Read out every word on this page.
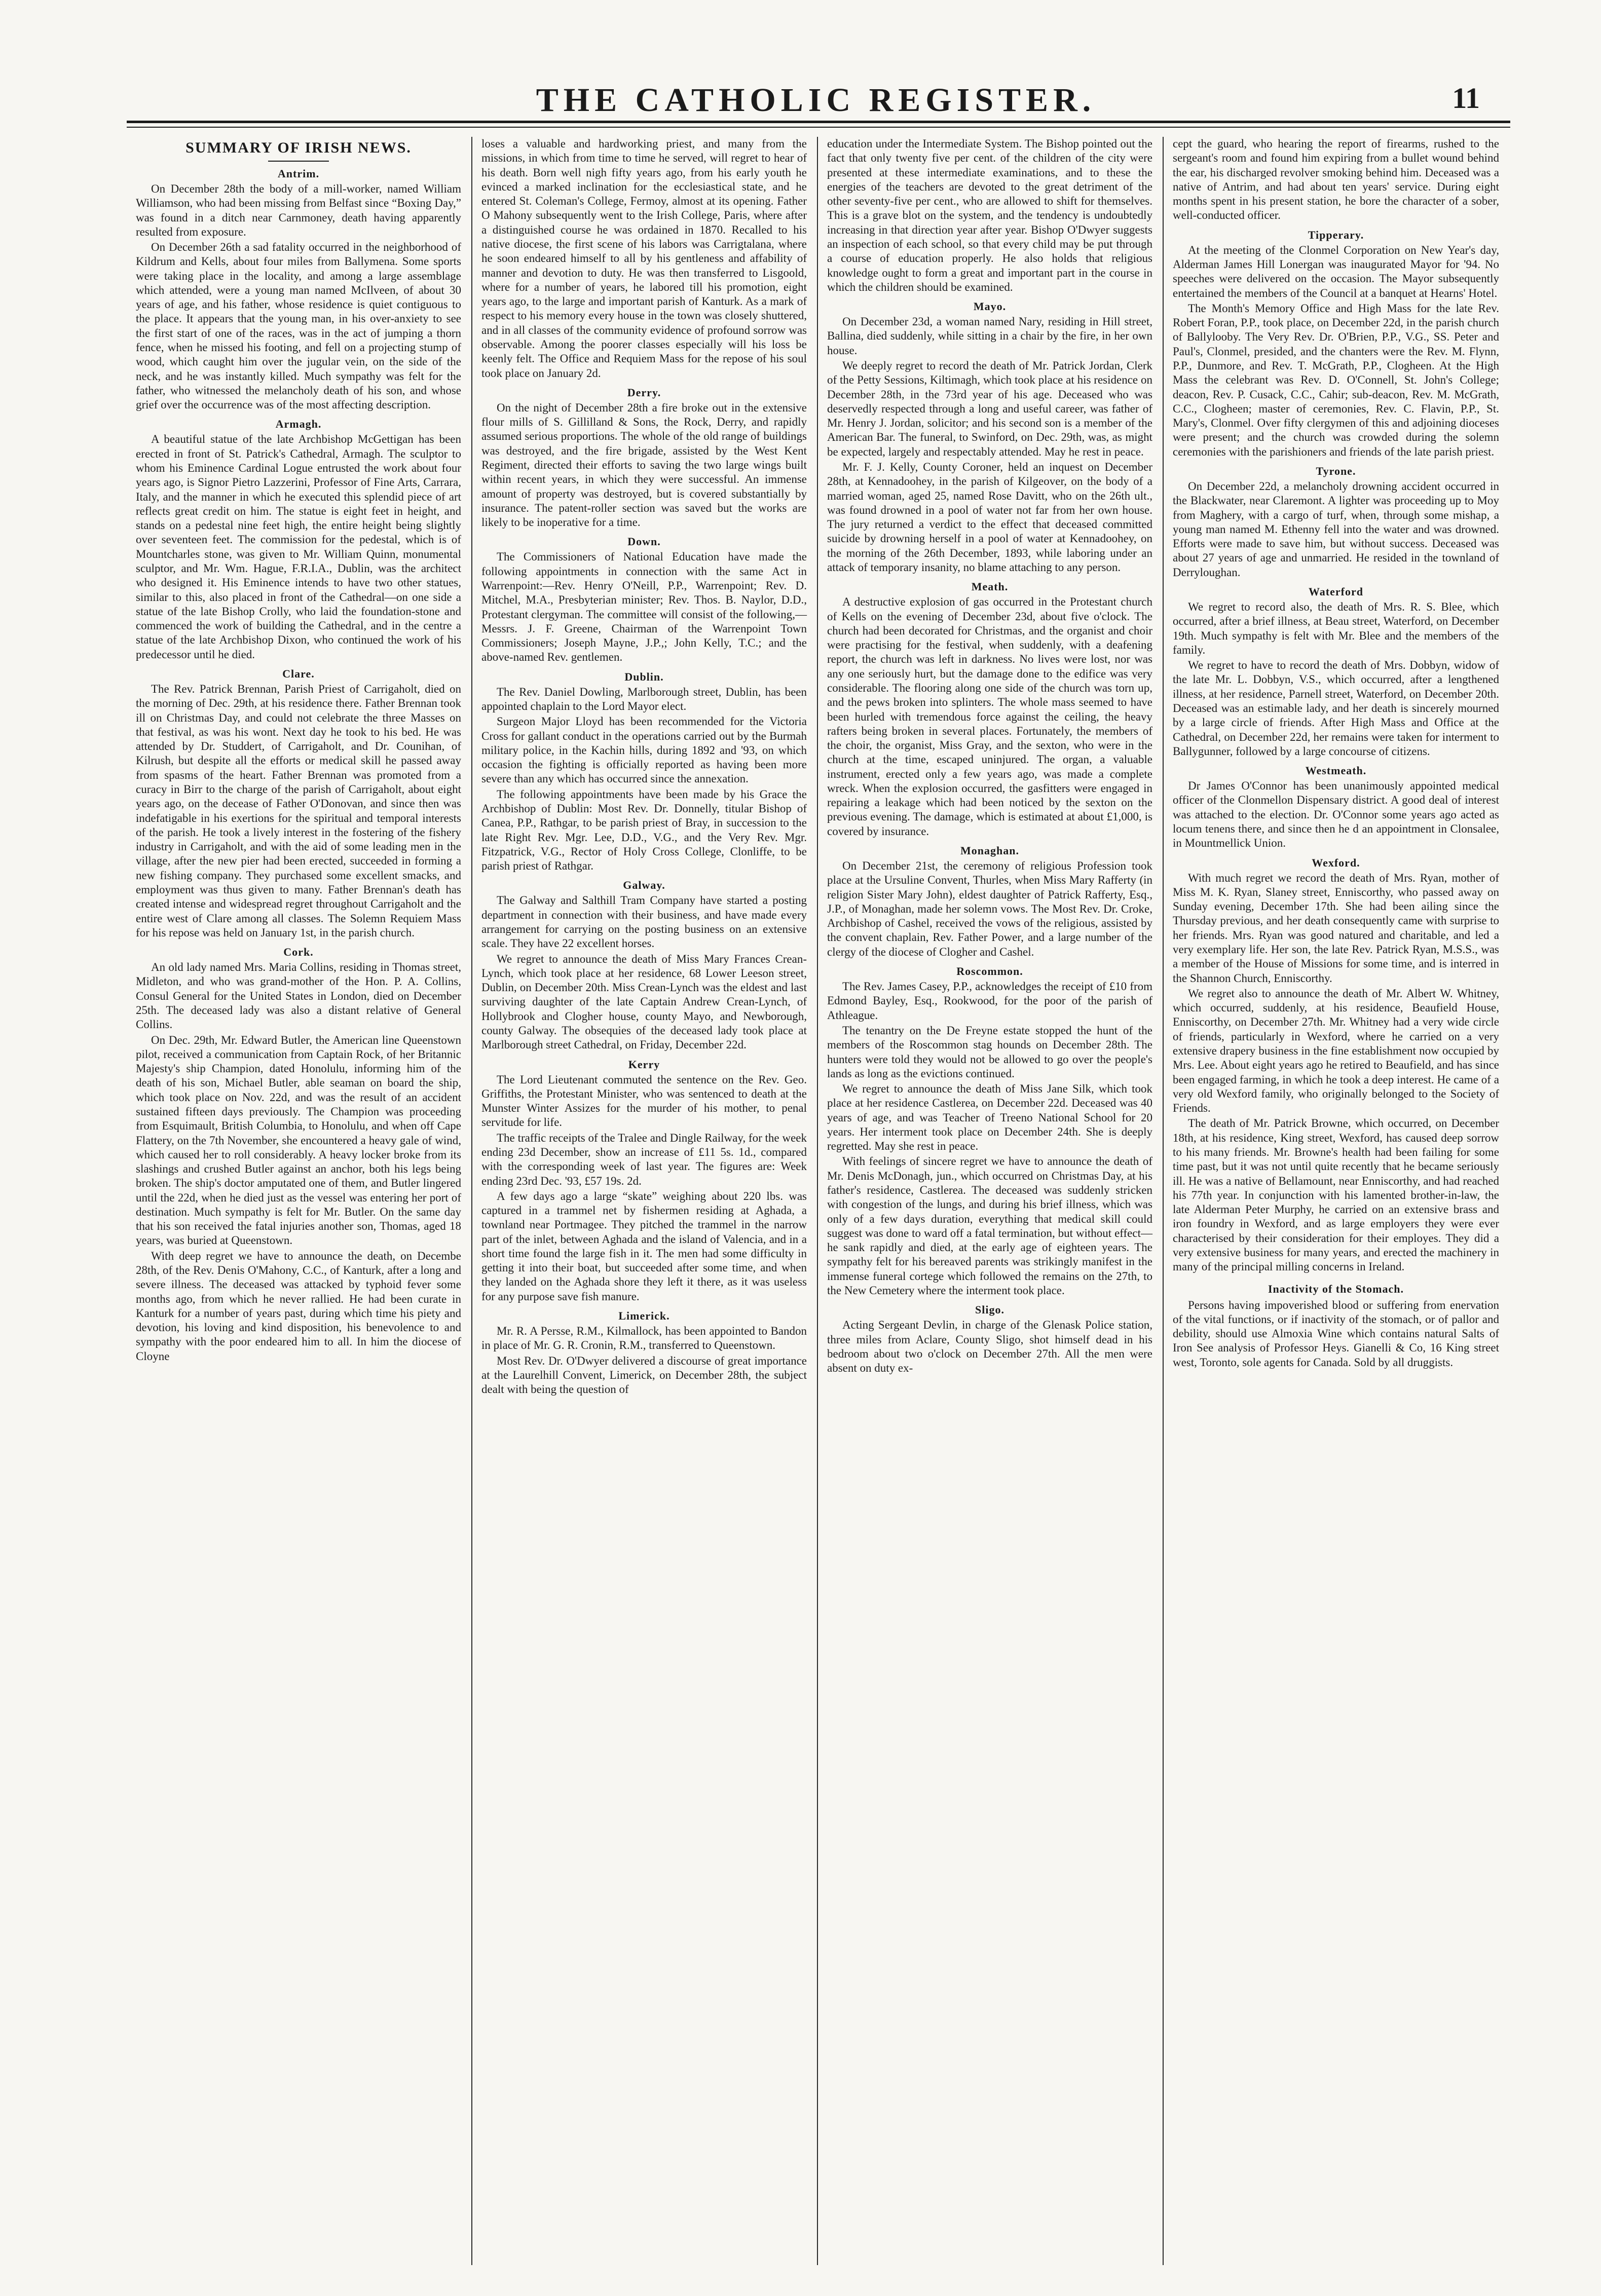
THE CATHOLIC REGISTER.	11
SUMMARY OF IRISH NEWS.
Antrim.

On December 28th the body of a mill-worker, named William Williamson, who had been missing from Belfast since “Boxing Day,” was found in a ditch near Carnmoney, death having apparently resulted from exposure.

On December 26th a sad fatality occurred in the neighborhood of Kildrum and Kells, about four miles from Ballymena. Some sports were taking place in the locality, and among a large assemblage which attended, were a young man named McIlveen, of about 30 years of age, and his father, whose residence is quiet contiguous to the place. It appears that the young man, in his over-anxiety to see the first start of one of the races, was in the act of jumping a thorn fence, when he missed his footing, and fell on a projecting stump of wood, which caught him over the jugular vein, on the side of the neck, and he was instantly killed. Much sympathy was felt for the father, who witnessed the melancholy death of his son, and whose grief over the occurrence was of the most affecting description.

Armagh.

A beautiful statue of the late Archbishop McGettigan has been erected in front of St. Patrick's Cathedral, Armagh. The sculptor to whom his Eminence Cardinal Logue entrusted the work about four years ago, is Signor Pietro Lazzerini, Professor of Fine Arts, Carrara, Italy, and the manner in which he executed this splendid piece of art reflects great credit on him. The statue is eight feet in height, and stands on a pedestal nine feet high, the entire height being slightly over seventeen feet. The commission for the pedestal, which is of Mountcharles stone, was given to Mr. William Quinn, monumental sculptor, and Mr. Wm. Hague, F.R.I.A., Dublin, was the architect who designed it. His Eminence intends to have two other statues, similar to this, also placed in front of the Cathedral—on one side a statue of the late Bishop Crolly, who laid the foundation-stone and commenced the work of building the Cathedral, and in the centre a statue of the late Archbishop Dixon, who continued the work of his predecessor until he died.

Clare.

The Rev. Patrick Brennan, Parish Priest of Carrigaholt, died on the morning of Dec. 29th, at his residence there. Father Brennan took ill on Christmas Day, and could not celebrate the three Masses on that festival, as was his wont. Next day he took to his bed. He was attended by Dr. Studdert, of Carrigaholt, and Dr. Counihan, of Kilrush, but despite all the efforts or medical skill he passed away from spasms of the heart. Father Brennan was promoted from a curacy in Birr to the charge of the parish of Carrigaholt, about eight years ago, on the decease of Father O'Donovan, and since then was indefatigable in his exertions for the spiritual and temporal interests of the parish. He took a lively interest in the fostering of the fishery industry in Carrigaholt, and with the aid of some leading men in the village, after the new pier had been erected, succeeded in forming a new fishing company. They purchased some excellent smacks, and employment was thus given to many. Father Brennan's death has created intense and widespread regret throughout Carrigaholt and the entire west of Clare among all classes. The Solemn Requiem Mass for his repose was held on January 1st, in the parish church.

Cork.

An old lady named Mrs. Maria Collins, residing in Thomas street, Midleton, and who was grand-mother of the Hon. P. A. Collins, Consul General for the United States in London, died on December 25th. The deceased lady was also a distant relative of General Collins.

On Dec. 29th, Mr. Edward Butler, the American line Queenstown pilot, received a communication from Captain Rock, of her Britannic Majesty's ship Champion, dated Honolulu, informing him of the death of his son, Michael Butler, able seaman on board the ship, which took place on Nov. 22d, and was the result of an accident sustained fifteen days previously. The Champion was proceeding from Esquimault, British Columbia, to Honolulu, and when off Cape Flattery, on the 7th November, she encountered a heavy gale of wind, which caused her to roll considerably. A heavy locker broke from its slashings and crushed Butler against an anchor, both his legs being broken. The ship's doctor amputated one of them, and Butler lingered until the 22d, when he died just as the vessel was entering her port of destination. Much sympathy is felt for Mr. Butler. On the same day that his son received the fatal injuries another son, Thomas, aged 18 years, was buried at Queenstown.

With deep regret we have to announce the death, on Decembe 28th, of the Rev. Denis O'Mahony, C.C., of Kanturk, after a long and severe illness. The deceased was attacked by typhoid fever some months ago, from which he never rallied. He had been curate in Kanturk for a number of years past, during which time his piety and devotion, his loving and kind disposition, his benevolence to and sympathy with the poor endeared him to all. In him the diocese of Cloyne

loses a valuable and hardworking priest, and many from the missions, in which from time to time he served, will regret to hear of his death. Born well nigh fifty years ago, from his early youth he evinced a marked inclination for the ecclesiastical state, and he entered St. Coleman's College, Fermoy, almost at its opening. Father O Mahony subsequently went to the Irish College, Paris, where after a distinguished course he was ordained in 1870. Recalled to his native diocese, the first scene of his labors was Carrigtalana, where he soon endeared himself to all by his gentleness and affability of manner and devotion to duty. He was then transferred to Lisgoold, where for a number of years, he labored till his promotion, eight years ago, to the large and important parish of Kanturk. As a mark of respect to his memory every house in the town was closely shuttered, and in all classes of the community evidence of profound sorrow was observable. Among the poorer classes especially will his loss be keenly felt. The Office and Requiem Mass for the repose of his soul took place on January 2d.

Derry.

On the night of December 28th a fire broke out in the extensive flour mills of S. Gillilland & Sons, the Rock, Derry, and rapidly assumed serious proportions. The whole of the old range of buildings was destroyed, and the fire brigade, assisted by the West Kent Regiment, directed their efforts to saving the two large wings built within recent years, in which they were successful. An immense amount of property was destroyed, but is covered substantially by insurance. The patent-roller section was saved but the works are likely to be inoperative for a time.

Down.

The Commissioners of National Education have made the following appointments in connection with the same Act in Warrenpoint:—Rev. Henry O'Neill, P.P., Warrenpoint; Rev. D. Mitchel, M.A., Presbyterian minister; Rev. Thos. B. Naylor, D.D., Protestant clergyman. The committee will consist of the following,—Messrs. J. F. Greene, Chairman of the Warrenpoint Town Commissioners; Joseph Mayne, J.P.,; John Kelly, T.C.; and the above-named Rev. gentlemen.

Dublin.

The Rev. Daniel Dowling, Marlborough street, Dublin, has been appointed chaplain to the Lord Mayor elect.

Surgeon Major Lloyd has been recommended for the Victoria Cross for gallant conduct in the operations carried out by the Burmah military police, in the Kachin hills, during 1892 and '93, on which occasion the fighting is officially reported as having been more severe than any which has occurred since the annexation.

The following appointments have been made by his Grace the Archbishop of Dublin: Most Rev. Dr. Donnelly, titular Bishop of Canea, P.P., Rathgar, to be parish priest of Bray, in succession to the late Right Rev. Mgr. Lee, D.D., V.G., and the Very Rev. Mgr. Fitzpatrick, V.G., Rector of Holy Cross College, Clonliffe, to be parish priest of Rathgar.

Galway.

The Galway and Salthill Tram Company have started a posting department in connection with their business, and have made every arrangement for carrying on the posting business on an extensive scale. They have 22 excellent horses.

We regret to announce the death of Miss Mary Frances Crean-Lynch, which took place at her residence, 68 Lower Leeson street, Dublin, on December 20th. Miss Crean-Lynch was the eldest and last surviving daughter of the late Captain Andrew Crean-Lynch, of Hollybrook and Clogher house, county Mayo, and Newborough, county Galway. The obsequies of the deceased lady took place at Marlborough street Cathedral, on Friday, December 22d.

Kerry

The Lord Lieutenant commuted the sentence on the Rev. Geo. Griffiths, the Protestant Minister, who was sentenced to death at the Munster Winter Assizes for the murder of his mother, to penal servitude for life.

The traffic receipts of the Tralee and Dingle Railway, for the week ending 23d December, show an increase of £11 5s. 1d., compared with the corresponding week of last year. The figures are: Week ending 23rd Dec. '93, £57 19s. 2d.

A few days ago a large “skate” weighing about 220 lbs. was captured in a trammel net by fishermen residing at Aghada, a townland near Portmagee. They pitched the trammel in the narrow part of the inlet, between Aghada and the island of Valencia, and in a short time found the large fish in it. The men had some difficulty in getting it into their boat, but succeeded after some time, and when they landed on the Aghada shore they left it there, as it was useless for any purpose save fish manure.

Limerick.

Mr. R. A Persse, R.M., Kilmallock, has been appointed to Bandon in place of Mr. G. R. Cronin, R.M., transferred to Queenstown.

Most Rev. Dr. O'Dwyer delivered a discourse of great importance at the Laurelhill Convent, Limerick, on December 28th, the subject dealt with being the question of

education under the Intermediate System. The Bishop pointed out the fact that only twenty five per cent. of the children of the city were presented at these intermediate examinations, and to these the energies of the teachers are devoted to the great detriment of the other seventy-five per cent., who are allowed to shift for themselves. This is a grave blot on the system, and the tendency is undoubtedly increasing in that direction year after year. Bishop O'Dwyer suggests an inspection of each school, so that every child may be put through a course of education properly. He also holds that religious knowledge ought to form a great and important part in the course in which the children should be examined.

Mayo.

On December 23d, a woman named Nary, residing in Hill street, Ballina, died suddenly, while sitting in a chair by the fire, in her own house.

We deeply regret to record the death of Mr. Patrick Jordan, Clerk of the Petty Sessions, Kiltimagh, which took place at his residence on December 28th, in the 73rd year of his age. Deceased who was deservedly respected through a long and useful career, was father of Mr. Henry J. Jordan, solicitor; and his second son is a member of the American Bar. The funeral, to Swinford, on Dec. 29th, was, as might be expected, largely and respectably attended. May he rest in peace.

Mr. F. J. Kelly, County Coroner, held an inquest on December 28th, at Kennadoohey, in the parish of Kilgeover, on the body of a married woman, aged 25, named Rose Davitt, who on the 26th ult., was found drowned in a pool of water not far from her own house. The jury returned a verdict to the effect that deceased committed suicide by drowning herself in a pool of water at Kennadoohey, on the morning of the 26th December, 1893, while laboring under an attack of temporary insanity, no blame attaching to any person.

Meath.

A destructive explosion of gas occurred in the Protestant church of Kells on the evening of December 23d, about five o'clock. The church had been decorated for Christmas, and the organist and choir were practising for the festival, when suddenly, with a deafening report, the church was left in darkness. No lives were lost, nor was any one seriously hurt, but the damage done to the edifice was very considerable. The flooring along one side of the church was torn up, and the pews broken into splinters. The whole mass seemed to have been hurled with tremendous force against the ceiling, the heavy rafters being broken in several places. Fortunately, the members of the choir, the organist, Miss Gray, and the sexton, who were in the church at the time, escaped uninjured. The organ, a valuable instrument, erected only a few years ago, was made a complete wreck. When the explosion occurred, the gasfitters were engaged in repairing a leakage which had been noticed by the sexton on the previous evening. The damage, which is estimated at about £1,000, is covered by insurance.

Monaghan.

On December 21st, the ceremony of religious Profession took place at the Ursuline Convent, Thurles, when Miss Mary Rafferty (in religion Sister Mary John), eldest daughter of Patrick Rafferty, Esq., J.P., of Monaghan, made her solemn vows. The Most Rev. Dr. Croke, Archbishop of Cashel, received the vows of the religious, assisted by the convent chaplain, Rev. Father Power, and a large number of the clergy of the diocese of Clogher and Cashel.

Roscommon.

The Rev. James Casey, P.P., acknowledges the receipt of £10 from Edmond Bayley, Esq., Rookwood, for the poor of the parish of Athleague.

The tenantry on the De Freyne estate stopped the hunt of the members of the Roscommon stag hounds on December 28th. The hunters were told they would not be allowed to go over the people's lands as long as the evictions continued.

We regret to announce the death of Miss Jane Silk, which took place at her residence Castlerea, on December 22d. Deceased was 40 years of age, and was Teacher of Treeno National School for 20 years. Her interment took place on December 24th. She is deeply regretted. May she rest in peace.

With feelings of sincere regret we have to announce the death of Mr. Denis McDonagh, jun., which occurred on Christmas Day, at his father's residence, Castlerea. The deceased was suddenly stricken with congestion of the lungs, and during his brief illness, which was only of a few days duration, everything that medical skill could suggest was done to ward off a fatal termination, but without effect—he sank rapidly and died, at the early age of eighteen years. The sympathy felt for his bereaved parents was strikingly manifest in the immense funeral cortege which followed the remains on the 27th, to the New Cemetery where the interment took place.

Sligo.

Acting Sergeant Devlin, in charge of the Glenask Police station, three miles from Aclare, County Sligo, shot himself dead in his bedroom about two o'clock on December 27th. All the men were absent on duty ex-

cept the guard, who hearing the report of firearms, rushed to the sergeant's room and found him expiring from a bullet wound behind the ear, his discharged revolver smoking behind him. Deceased was a native of Antrim, and had about ten years' service. During eight months spent in his present station, he bore the character of a sober, well-conducted officer.

Tipperary.

At the meeting of the Clonmel Corporation on New Year's day, Alderman James Hill Lonergan was inaugurated Mayor for '94. No speeches were delivered on the occasion. The Mayor subsequently entertained the members of the Council at a banquet at Hearns' Hotel.

The Month's Memory Office and High Mass for the late Rev. Robert Foran, P.P., took place, on December 22d, in the parish church of Ballylooby. The Very Rev. Dr. O'Brien, P.P., V.G., SS. Peter and Paul's, Clonmel, presided, and the chanters were the Rev. M. Flynn, P.P., Dunmore, and Rev. T. McGrath, P.P., Clogheen. At the High Mass the celebrant was Rev. D. O'Connell, St. John's College; deacon, Rev. P. Cusack, C.C., Cahir; sub-deacon, Rev. M. McGrath, C.C., Clogheen; master of ceremonies, Rev. C. Flavin, P.P., St. Mary's, Clonmel. Over fifty clergymen of this and adjoining dioceses were present; and the church was crowded during the solemn ceremonies with the parishioners and friends of the late parish priest.

Tyrone.

On December 22d, a melancholy drowning accident occurred in the Blackwater, near Claremont. A lighter was proceeding up to Moy from Maghery, with a cargo of turf, when, through some mishap, a young man named M. Ethenny fell into the water and was drowned. Efforts were made to save him, but without success. Deceased was about 27 years of age and unmarried. He resided in the townland of Derryloughan.

Waterford

We regret to record also, the death of Mrs. R. S. Blee, which occurred, after a brief illness, at Beau street, Waterford, on December 19th. Much sympathy is felt with Mr. Blee and the members of the family.

We regret to have to record the death of Mrs. Dobbyn, widow of the late Mr. L. Dobbyn, V.S., which occurred, after a lengthened illness, at her residence, Parnell street, Waterford, on December 20th. Deceased was an estimable lady, and her death is sincerely mourned by a large circle of friends. After High Mass and Office at the Cathedral, on December 22d, her remains were taken for interment to Ballygunner, followed by a large concourse of citizens.

Westmeath.

Dr James O'Connor has been unanimously appointed medical officer of the Clonmellon Dispensary district. A good deal of interest was attached to the election. Dr. O'Connor some years ago acted as locum tenens there, and since then he d an appointment in Clonsalee, in Mountmellick Union.

Wexford.

With much regret we record the death of Mrs. Ryan, mother of Miss M. K. Ryan, Slaney street, Enniscorthy, who passed away on Sunday evening, December 17th. She had been ailing since the Thursday previous, and her death consequently came with surprise to her friends. Mrs. Ryan was good natured and charitable, and led a very exemplary life. Her son, the late Rev. Patrick Ryan, M.S.S., was a member of the House of Missions for some time, and is interred in the Shannon Church, Enniscorthy.

We regret also to announce the death of Mr. Albert W. Whitney, which occurred, suddenly, at his residence, Beaufield House, Enniscorthy, on December 27th. Mr. Whitney had a very wide circle of friends, particularly in Wexford, where he carried on a very extensive drapery business in the fine establishment now occupied by Mrs. Lee. About eight years ago he retired to Beaufield, and has since been engaged farming, in which he took a deep interest. He came of a very old Wexford family, who originally belonged to the Society of Friends.

The death of Mr. Patrick Browne, which occurred, on December 18th, at his residence, King street, Wexford, has caused deep sorrow to his many friends. Mr. Browne's health had been failing for some time past, but it was not until quite recently that he became seriously ill. He was a native of Bellamount, near Enniscorthy, and had reached his 77th year. In conjunction with his lamented brother-in-law, the late Alderman Peter Murphy, he carried on an extensive brass and iron foundry in Wexford, and as large employers they were ever characterised by their consideration for their employes. They did a very extensive business for many years, and erected the machinery in many of the principal milling concerns in Ireland.

Inactivity of the Stomach.

Persons having impoverished blood or suffering from enervation of the vital functions, or if inactivity of the stomach, or of pallor and debility, should use Almoxia Wine which contains natural Salts of Iron See analysis of Professor Heys. Gianelli & Co, 16 King street west, Toronto, sole agents for Canada. Sold by all druggists.
